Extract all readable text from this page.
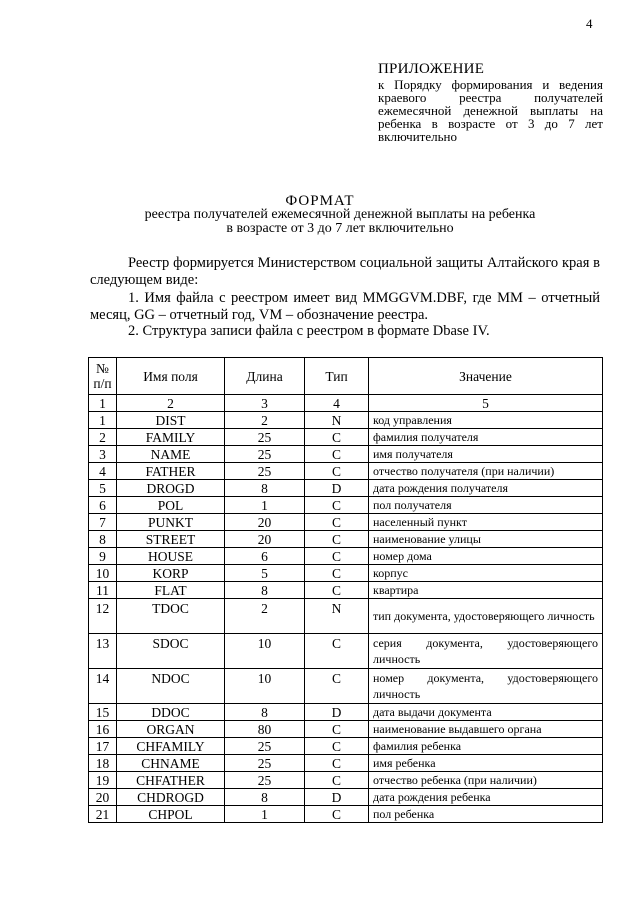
4
ПРИЛОЖЕНИЕ
к Порядку формирования и ведения краевого реестра получателей ежемесячной денежной выплаты на ребенка в возрасте от 3 до 7 лет включительно
ФОРМАТ
реестра получателей ежемесячной денежной выплаты на ребенка
в возрасте от 3 до 7 лет включительно
Реестр формируется Министерством социальной защиты Алтайского края в следующем виде:
1. Имя файла с реестром имеет вид MMGGVM.DBF, где MM – отчетный месяц, GG – отчетный год, VM – обозначение реестра.
2. Структура записи файла с реестром в формате Dbase IV.
№ п/п	Имя поля	Длина	Тип	Значение
1	2	3	4	5
1	DIST	2	N	код управления
2	FAMILY	25	C	фамилия получателя
3	NAME	25	C	имя получателя
4	FATHER	25	C	отчество получателя (при наличии)
5	DROGD	8	D	дата рождения получателя
6	POL	1	C	пол получателя
7	PUNKT	20	C	населенный пункт
8	STREET	20	C	наименование улицы
9	HOUSE	6	C	номер дома
10	KORP	5	C	корпус
11	FLAT	8	C	квартира
12	TDOC	2	N	тип документа, удостоверяющего личность
13	SDOC	10	C	серия документа, удостоверяющего личность
14	NDOC	10	C	номер документа, удостоверяющего личность
15	DDOC	8	D	дата выдачи документа
16	ORGAN	80	C	наименование выдавшего органа
17	CHFAMILY	25	C	фамилия ребенка
18	CHNAME	25	C	имя ребенка
19	CHFATHER	25	C	отчество ребенка (при наличии)
20	CHDROGD	8	D	дата рождения ребенка
21	CHPOL	1	C	пол ребенка
